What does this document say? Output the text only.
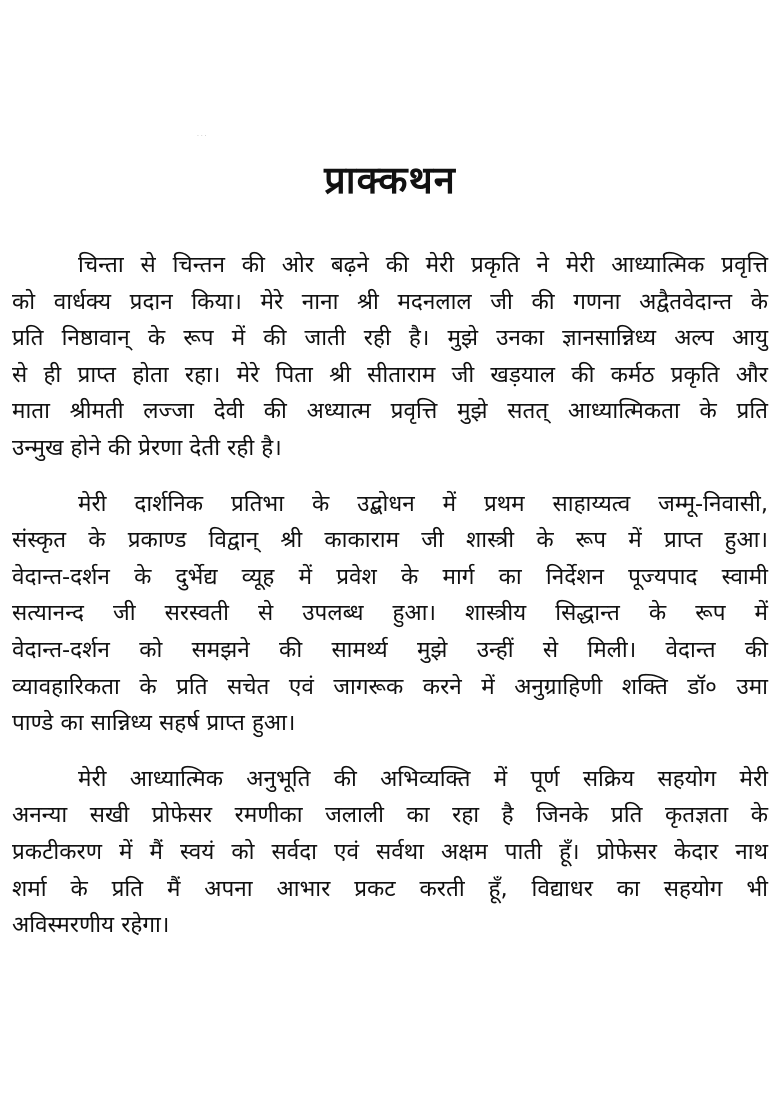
· · ·
प्राक्कथन

चिन्ता से चिन्तन की ओर बढ़ने की मेरी प्रकृति ने मेरी आध्यात्मिक प्रवृत्ति
को वार्धक्य प्रदान किया। मेरे नाना श्री मदनलाल जी की गणना अद्वैतवेदान्त के
प्रति निष्ठावान् के रूप में की जाती रही है। मुझे उनका ज्ञानसान्निध्य अल्प आयु
से ही प्राप्त होता रहा। मेरे पिता श्री सीताराम जी खड़याल की कर्मठ प्रकृति और
माता श्रीमती लज्जा देवी की अध्यात्म प्रवृत्ति मुझे सतत् आध्यात्मिकता के प्रति
उन्मुख होने की प्रेरणा देती रही है।

मेरी दार्शनिक प्रतिभा के उद्बोधन में प्रथम साहाय्यत्व जम्मू-निवासी,
संस्कृत के प्रकाण्ड विद्वान् श्री काकाराम जी शास्त्री के रूप में प्राप्त हुआ।
वेदान्त-दर्शन के दुर्भेद्य व्यूह में प्रवेश के मार्ग का निर्देशन पूज्यपाद स्वामी
सत्यानन्द जी सरस्वती से उपलब्ध हुआ। शास्त्रीय सिद्धान्त के रूप में
वेदान्त-दर्शन को समझने की सामर्थ्य मुझे उन्हीं से मिली। वेदान्त की
व्यावहारिकता के प्रति सचेत एवं जागरूक करने में अनुग्राहिणी शक्ति डॉ० उमा
पाण्डे का सान्निध्य सहर्ष प्राप्त हुआ।

मेरी आध्यात्मिक अनुभूति की अभिव्यक्ति में पूर्ण सक्रिय सहयोग मेरी
अनन्या सखी प्रोफेसर रमणीका जलाली का रहा है जिनके प्रति कृतज्ञता के
प्रकटीकरण में मैं स्वयं को सर्वदा एवं सर्वथा अक्षम पाती हूँ। प्रोफेसर केदार नाथ
शर्मा के प्रति मैं अपना आभार प्रकट करती हूँ, विद्याधर का सहयोग भी
अविस्मरणीय रहेगा।
